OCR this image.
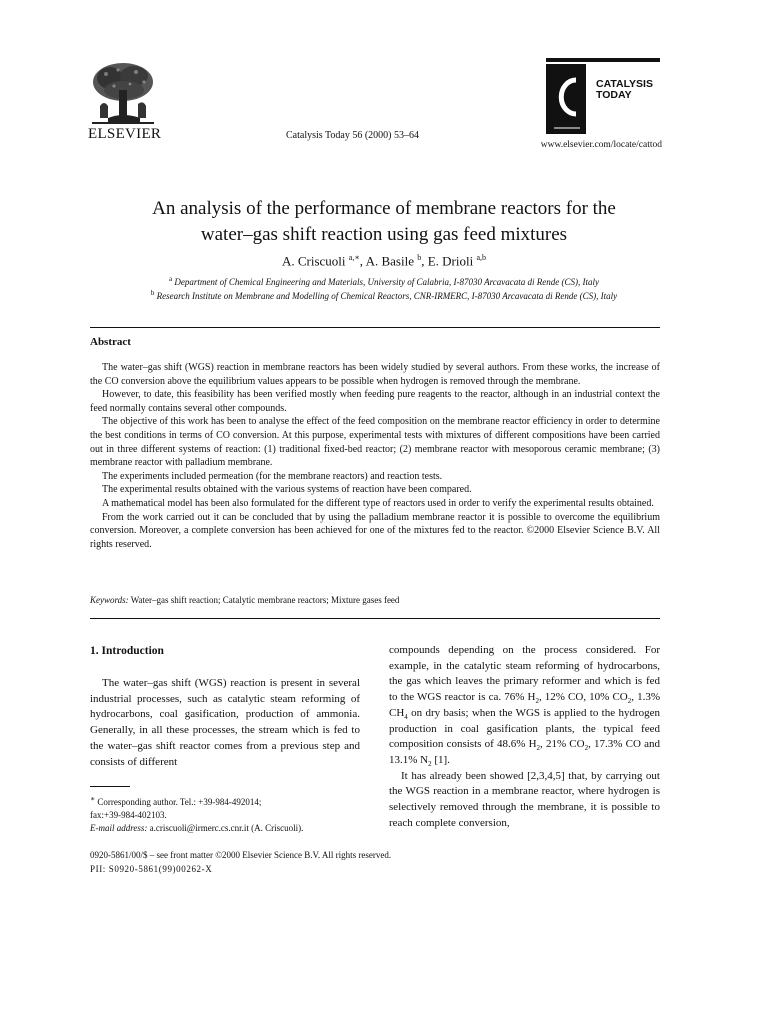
ELSEVIER	Catalysis Today 56 (2000) 53–64
CATALYSIS
TODAY
www.elsevier.com/locate/cattod
An analysis of the performance of membrane reactors for the
water–gas shift reaction using gas feed mixtures
A. Criscuoli $^{a,∗}$, A. Basile $^b$, E. Drioli $^{a,b}$
$^a$ Department of Chemical Engineering and Materials, University of Calabria, I-87030 Arcavacata di Rende (CS), Italy
$^b$ Research Institute on Membrane and Modelling of Chemical Reactors, CNR-IRMERC, I-87030 Arcavacata di Rende (CS), Italy
Abstract

The water–gas shift (WGS) reaction in membrane reactors has been widely studied by several authors. From these works, the increase of the CO conversion above the equilibrium values appears to be possible when hydrogen is removed through the membrane.

However, to date, this feasibility has been verified mostly when feeding pure reagents to the reactor, although in an industrial context the feed normally contains several other compounds.

The objective of this work has been to analyse the effect of the feed composition on the membrane reactor efficiency in order to determine the best conditions in terms of CO conversion. At this purpose, experimental tests with mixtures of different compositions have been carried out in three different systems of reaction: (1) traditional fixed-bed reactor; (2) membrane reactor with mesoporous ceramic membrane; (3) membrane reactor with palladium membrane.

The experiments included permeation (for the membrane reactors) and reaction tests.

The experimental results obtained with the various systems of reaction have been compared.

A mathematical model has been also formulated for the different type of reactors used in order to verify the experimental results obtained.

From the work carried out it can be concluded that by using the palladium membrane reactor it is possible to overcome the equilibrium conversion. Moreover, a complete conversion has been achieved for one of the mixtures fed to the reactor. ©2000 Elsevier Science B.V. All rights reserved.

Keywords: Water–gas shift reaction; Catalytic membrane reactors; Mixture gases feed
1. Introduction

The water–gas shift (WGS) reaction is present in several industrial processes, such as catalytic steam reforming of hydrocarbons, coal gasification, production of ammonia. Generally, in all these processes, the stream which is fed to the water–gas shift reactor comes from a previous step and consists of different

compounds depending on the process considered. For example, in the catalytic steam reforming of hydrocarbons, the gas which leaves the primary reformer and which is fed to the WGS reactor is ca. 76% $H_2$, 12% CO, 10% $CO_2$, 1.3% $CH_4$ on dry basis; when the WGS is applied to the hydrogen production in coal gasification plants, the typical feed composition consists of 48.6% $H_2$, 21% $CO_2$, 17.3% CO and 13.1% $N_2$ [1].

It has already been showed [2,3,4,5] that, by carrying out the WGS reaction in a membrane reactor, where hydrogen is selectively removed through the membrane, it is possible to reach complete conversion,

∗ Corresponding author. Tel.: +39-984-492014;
fax:+39-984-402103.
E-mail address: a.criscuoli@irmerc.cs.cnr.it (A. Criscuoli).
0920-5861/00/$ – see front matter ©2000 Elsevier Science B.V. All rights reserved.
PII: S0920-5861(99)00262-X
